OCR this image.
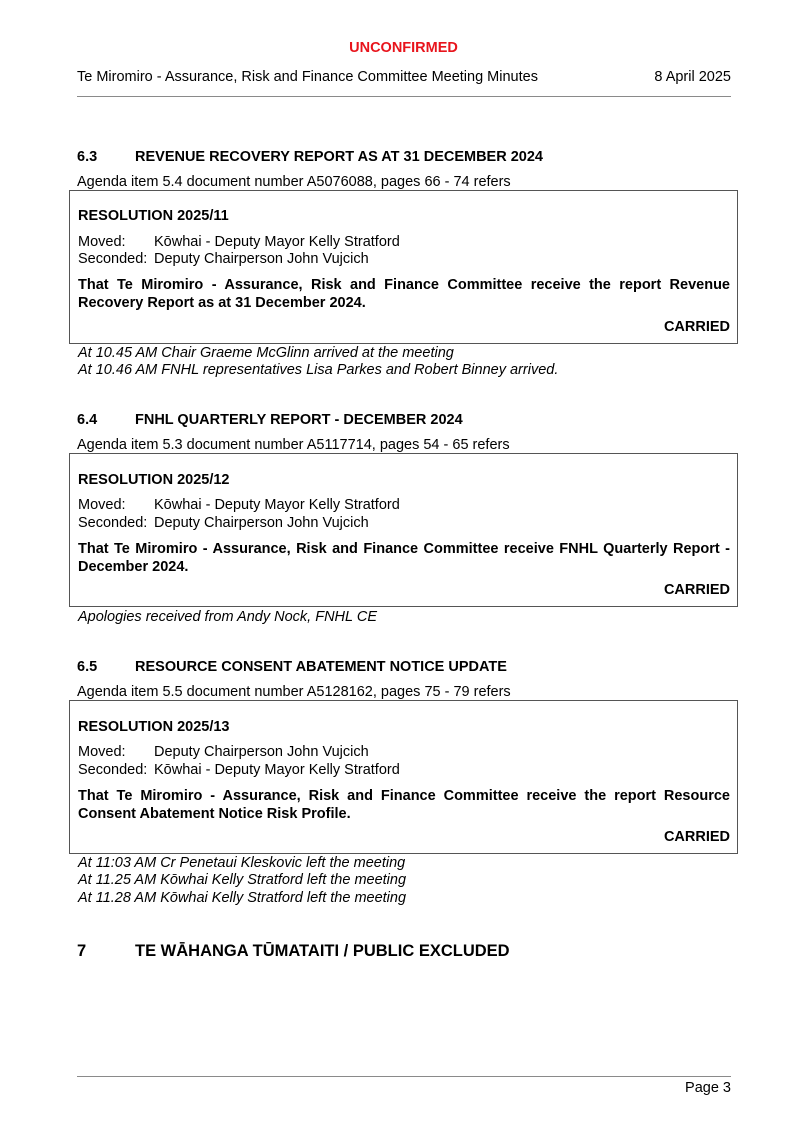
UNCONFIRMED
Te Miromiro - Assurance, Risk and Finance Committee Meeting Minutes	8 April 2025
6.3	REVENUE RECOVERY REPORT AS AT 31 DECEMBER 2024
Agenda item 5.4 document number A5076088, pages 66 - 74 refers
RESOLUTION 2025/11
Moved: Kōwhai - Deputy Mayor Kelly Stratford
Seconded: Deputy Chairperson John Vujcich
That Te Miromiro - Assurance, Risk and Finance Committee receive the report Revenue Recovery Report as at 31 December 2024.
CARRIED
At 10.45 AM Chair Graeme McGlinn arrived at the meeting
At 10.46 AM FNHL representatives Lisa Parkes and Robert Binney arrived.
6.4	FNHL QUARTERLY REPORT - DECEMBER 2024
Agenda item 5.3 document number A5117714, pages 54 - 65 refers
RESOLUTION 2025/12
Moved: Kōwhai - Deputy Mayor Kelly Stratford
Seconded: Deputy Chairperson John Vujcich
That Te Miromiro - Assurance, Risk and Finance Committee receive FNHL Quarterly Report - December 2024.
CARRIED
Apologies received from Andy Nock, FNHL CE
6.5	RESOURCE CONSENT ABATEMENT NOTICE UPDATE
Agenda item 5.5 document number A5128162, pages 75 - 79 refers
RESOLUTION 2025/13
Moved: Deputy Chairperson John Vujcich
Seconded: Kōwhai - Deputy Mayor Kelly Stratford
That Te Miromiro - Assurance, Risk and Finance Committee receive the report Resource Consent Abatement Notice Risk Profile.
CARRIED
At 11:03 AM Cr Penetaui Kleskovic left the meeting
At 11.25 AM Kōwhai Kelly Stratford left the meeting
At 11.28 AM Kōwhai Kelly Stratford left the meeting
7	TE WĀHANGA TŪMATAITI / PUBLIC EXCLUDED
Page 3
